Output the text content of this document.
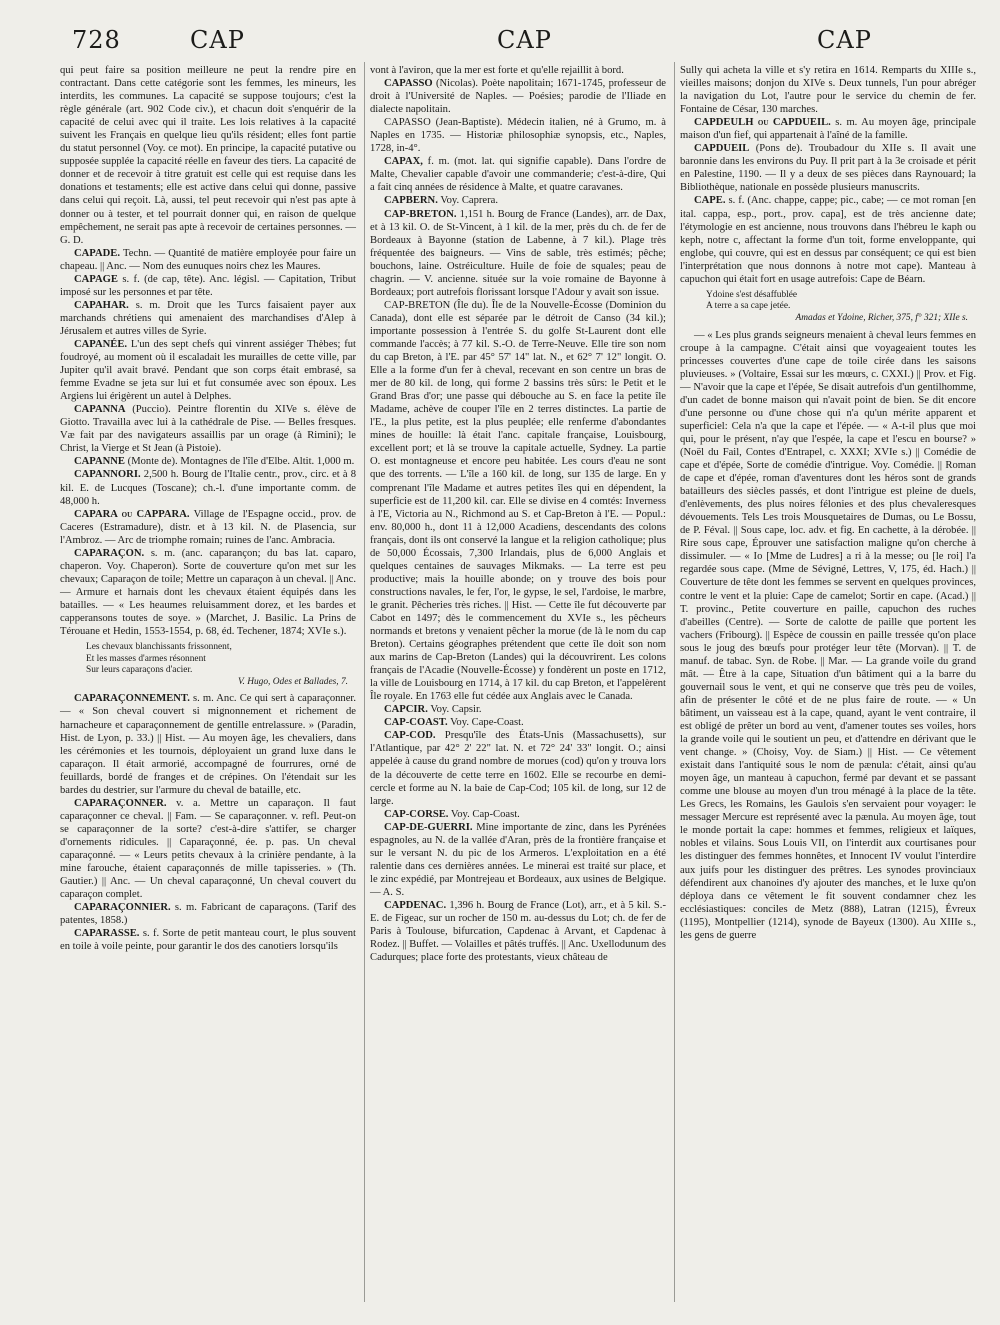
728	CAP	CAP	CAP

qui peut faire sa position meilleure ne peut la rendre pire en contractant. Dans cette catégorie sont les femmes, les mineurs, les interdits, les communes. La capacité se suppose toujours; c'est la règle générale (art. 902 Code civ.), et chacun doit s'enquérir de la capacité de celui avec qui il traite. Les lois relatives à la capacité suivent les Français en quelque lieu qu'ils résident; elles font partie du statut personnel (Voy. ce mot). En principe, la capacité putative ou supposée supplée la capacité réelle en faveur des tiers. La capacité de donner et de recevoir à titre gratuit est celle qui est requise dans les donations et testaments; elle est active dans celui qui donne, passive dans celui qui reçoit. Là, aussi, tel peut recevoir qui n'est pas apte à donner ou à tester, et tel pourrait donner qui, en raison de quelque empêchement, ne serait pas apte à recevoir de certaines personnes. — G. D.

CAPADE. Techn. — Quantité de matière employée pour faire un chapeau. || Anc. — Nom des eunuques noirs chez les Maures.

CAPAGE s. f. (de cap, tête). Anc. législ. — Capitation, Tribut imposé sur les personnes et par tête.

CAPAHAR. s. m. Droit que les Turcs faisaient payer aux marchands chrétiens qui amenaient des marchandises d'Alep à Jérusalem et autres villes de Syrie.

CAPANÉE. L'un des sept chefs qui vinrent assiéger Thèbes; fut foudroyé, au moment où il escaladait les murailles de cette ville, par Jupiter qu'il avait bravé. Pendant que son corps était embrasé, sa femme Evadne se jeta sur lui et fut consumée avec son époux. Les Argiens lui érigèrent un autel à Delphes.

CAPANNA (Puccio). Peintre florentin du XIVe s. élève de Giotto. Travailla avec lui à la cathédrale de Pise. — Belles fresques. Væ fait par des navigateurs assaillis par un orage (à Rimini); le Christ, la Vierge et St Jean (à Pistoie).

CAPANNE (Monte de). Montagnes de l'île d'Elbe. Altit. 1,000 m.

CAPANNORI. 2,500 h. Bourg de l'Italie centr., prov., circ. et à 8 kil. E. de Lucques (Toscane); ch.-l. d'une importante comm. de 48,000 h.

CAPARA ou CAPPARA. Village de l'Espagne occid., prov. de Caceres (Estramadure), distr. et à 13 kil. N. de Plasencia, sur l'Ambroz. — Arc de triomphe romain; ruines de l'anc. Ambracia.

CAPARAÇON. s. m. (anc. caparançon; du bas lat. caparo, chaperon. Voy. Chaperon). Sorte de couverture qu'on met sur les chevaux; Caparaçon de toile; Mettre un caparaçon à un cheval. || Anc. — Armure et harnais dont les chevaux étaient équipés dans les batailles. — « Les heaumes reluisamment dorez, et les bardes et capperansons toutes de soye. » (Marchet, J. Basilic. La Prins de Térouane et Hedin, 1553-1554, p. 68, éd. Techener, 1874; XVIe s.).

Les chevaux blanchissants frissonnent,
Et les masses d'armes résonnent
Sur leurs caparaçons d'acier.
V. Hugo, Odes et Ballades, 7.

CAPARAÇONNEMENT. s. m. Anc. Ce qui sert à caparaçonner. — « Son cheval couvert si mignonnement et richement de harnacheure et caparaçonnement de gentille entrelassure. » (Paradin, Hist. de Lyon, p. 33.) || Hist. — Au moyen âge, les chevaliers, dans les cérémonies et les tournois, déployaient un grand luxe dans le caparaçon. Il était armorié, accompagné de fourrures, orné de feuillards, bordé de franges et de crépines. On l'étendait sur les bardes du destrier, sur l'armure du cheval de bataille, etc.

CAPARAÇONNER. v. a. Mettre un caparaçon. Il faut caparaçonner ce cheval. || Fam. — Se caparaçonner. v. refl. Peut-on se caparaçonner de la sorte? c'est-à-dire s'attifer, se charger d'ornements ridicules. || Caparaçonné, ée. p. pas. Un cheval caparaçonné. — « Leurs petits chevaux à la crinière pendante, à la mine farouche, étaient caparaçonnés de mille tapisseries. » (Th. Gautier.) || Anc. — Un cheval caparaçonné, Un cheval couvert du caparaçon complet.

CAPARAÇONNIER. s. m. Fabricant de caparaçons. (Tarif des patentes, 1858.)

CAPARASSE. s. f. Sorte de petit manteau court, le plus souvent en toile à voile peinte, pour garantir le dos des canotiers lorsqu'ils

vont à l'aviron, que la mer est forte et qu'elle rejaillit à bord.

CAPASSO (Nicolas). Poète napolitain; 1671-1745, professeur de droit à l'Université de Naples. — Poésies; parodie de l'Iliade en dialecte napolitain.

CAPASSO (Jean-Baptiste). Médecin italien, né à Grumo, m. à Naples en 1735. — Historiæ philosophiæ synopsis, etc., Naples, 1728, in-4°.

CAPAX, f. m. (mot. lat. qui signifie capable). Dans l'ordre de Malte, Chevalier capable d'avoir une commanderie; c'est-à-dire, Qui a fait cinq années de résidence à Malte, et quatre caravanes.

CAPBERN. Voy. Caprera.

CAP-BRETON. 1,151 h. Bourg de France (Landes), arr. de Dax, et à 13 kil. O. de St-Vincent, à 1 kil. de la mer, près du ch. de fer de Bordeaux à Bayonne (station de Labenne, à 7 kil.). Plage très fréquentée des baigneurs. — Vins de sable, très estimés; pêche; bouchons, laine. Ostréiculture. Huile de foie de squales; peau de chagrin. — V. ancienne. située sur la voie romaine de Bayonne à Bordeaux; port autrefois florissant lorsque l'Adour y avait son issue.

CAP-BRETON (Île du). Île de la Nouvelle-Écosse (Dominion du Canada), dont elle est séparée par le détroit de Canso (34 kil.); importante possession à l'entrée S. du golfe St-Laurent dont elle commande l'accès; à 77 kil. S.-O. de Terre-Neuve. Elle tire son nom du cap Breton, à l'E. par 45° 57' 14" lat. N., et 62° 7' 12" longit. O. Elle a la forme d'un fer à cheval, recevant en son centre un bras de mer de 80 kil. de long, qui forme 2 bassins très sûrs: le Petit et le Grand Bras d'or; une passe qui débouche au S. en face la petite île Madame, achève de couper l'île en 2 terres distinctes. La partie de l'E., la plus petite, est la plus peuplée; elle renferme d'abondantes mines de houille: là était l'anc. capitale française, Louisbourg, excellent port; et là se trouve la capitale actuelle, Sydney. La partie O. est montagneuse et encore peu habitée. Les cours d'eau ne sont que des torrents. — L'île a 160 kil. de long, sur 135 de large. En y comprenant l'île Madame et autres petites îles qui en dépendent, la superficie est de 11,200 kil. car. Elle se divise en 4 comtés: Inverness à l'E, Victoria au N., Richmond au S. et Cap-Breton à l'E. — Popul.: env. 80,000 h., dont 11 à 12,000 Acadiens, descendants des colons français, dont ils ont conservé la langue et la religion catholique; plus de 50,000 Écossais, 7,300 Irlandais, plus de 6,000 Anglais et quelques centaines de sauvages Mikmaks. — La terre est peu productive; mais la houille abonde; on y trouve des bois pour constructions navales, le fer, l'or, le gypse, le sel, l'ardoise, le marbre, le granit. Pêcheries très riches. || Hist. — Cette île fut découverte par Cabot en 1497; dès le commencement du XVIe s., les pêcheurs normands et bretons y venaient pêcher la morue (de là le nom du cap Breton). Certains géographes prétendent que cette île doit son nom aux marins de Cap-Breton (Landes) qui la découvrirent. Les colons français de l'Acadie (Nouvelle-Écosse) y fondèrent un poste en 1712, la ville de Louisbourg en 1714, à 17 kil. du cap Breton, et l'appelèrent Île royale. En 1763 elle fut cédée aux Anglais avec le Canada.

CAPCIR. Voy. Capsir.

CAP-COAST. Voy. Cape-Coast.

CAP-COD. Presqu'île des États-Unis (Massachusetts), sur l'Atlantique, par 42° 2' 22" lat. N. et 72° 24' 33" longit. O.; ainsi appelée à cause du grand nombre de morues (cod) qu'on y trouva lors de la découverte de cette terre en 1602. Elle se recourbe en demi-cercle et forme au N. la baie de Cap-Cod; 105 kil. de long, sur 12 de large.

CAP-CORSE. Voy. Cap-Coast.

CAP-DE-GUERRI. Mine importante de zinc, dans les Pyrénées espagnoles, au N. de la vallée d'Aran, près de la frontière française et sur le versant N. du pic de los Armeros. L'exploitation en a été ralentie dans ces dernières années. Le minerai est traité sur place, et le zinc expédié, par Montrejeau et Bordeaux, aux usines de Belgique. — A. S.

CAPDENAC. 1,396 h. Bourg de France (Lot), arr., et à 5 kil. S.-E. de Figeac, sur un rocher de 150 m. au-dessus du Lot; ch. de fer de Paris à Toulouse, bifurcation, Capdenac à Arvant, et Capdenac à Rodez. || Buffet. — Volailles et pâtés truffés. || Anc. Uxellodunum des Cadurques; place forte des protestants, vieux château de

Sully qui acheta la ville et s'y retira en 1614. Remparts du XIIIe s., vieilles maisons; donjon du XIVe s. Deux tunnels, l'un pour abréger la navigation du Lot, l'autre pour le service du chemin de fer. Fontaine de César, 130 marches.

CAPDEULH ou CAPDUEIL. s. m. Au moyen âge, principale maison d'un fief, qui appartenait à l'aîné de la famille.

CAPDUEIL (Pons de). Troubadour du XIIe s. Il avait une baronnie dans les environs du Puy. Il prit part à la 3e croisade et périt en Palestine, 1190. — Il y a deux de ses pièces dans Raynouard; la Bibliothèque, nationale en possède plusieurs manuscrits.

CAPE. s. f. (Anc. chappe, cappe; pic., cabe; — ce mot roman [en ital. cappa, esp., port., prov. capa], est de très ancienne date; l'étymologie en est ancienne, nous trouvons dans l'hébreu le kaph ou keph, notre c, affectant la forme d'un toit, forme enveloppante, qui englobe, qui couvre, qui est en dessus par conséquent; ce qui est bien l'interprétation que nous donnons à notre mot cape). Manteau à capuchon qui était fort en usage autrefois: Cape de Béarn.

Ydoine s'est désaffublée
A terre a sa cape jetée.
Amadas et Ydoine, Richer, 375, f° 321; XIIe s.

— « Les plus grands seigneurs menaient à cheval leurs femmes en croupe à la campagne. C'était ainsi que voyageaient toutes les princesses couvertes d'une cape de toile cirée dans les saisons pluvieuses. » (Voltaire, Essai sur les mœurs, c. CXXI.) || Prov. et Fig. — N'avoir que la cape et l'épée, Se disait autrefois d'un gentilhomme, d'un cadet de bonne maison qui n'avait point de bien. Se dit encore d'une personne ou d'une chose qui n'a qu'un mérite apparent et superficiel: Cela n'a que la cape et l'épée. — « A-t-il plus que moi qui, pour le présent, n'ay que l'espée, la cape et l'escu en bourse? » (Noël du Fail, Contes d'Entrapel, c. XXXI; XVIe s.) || Comédie de cape et d'épée, Sorte de comédie d'intrigue. Voy. Comédie. || Roman de cape et d'épée, roman d'aventures dont les héros sont de grands batailleurs des siècles passés, et dont l'intrigue est pleine de duels, d'enlèvements, des plus noires félonies et des plus chevaleresques dévouements. Tels Les trois Mousquetaires de Dumas, ou Le Bossu, de P. Féval. || Sous cape, loc. adv. et fig. En cachette, à la dérobée. || Rire sous cape, Éprouver une satisfaction maligne qu'on cherche à dissimuler. — « Io [Mme de Ludres] a ri à la messe; ou [le roi] l'a regardée sous cape. (Mme de Sévigné, Lettres, V, 175, éd. Hach.) || Couverture de tête dont les femmes se servent en quelques provinces, contre le vent et la pluie: Cape de camelot; Sortir en cape. (Acad.) || T. provinc., Petite couverture en paille, capuchon des ruches d'abeilles (Centre). — Sorte de calotte de paille que portent les vachers (Fribourg). || Espèce de coussin en paille tressée qu'on place sous le joug des bœufs pour protéger leur tête (Morvan). || T. de manuf. de tabac. Syn. de Robe. || Mar. — La grande voile du grand mât. — Être à la cape, Situation d'un bâtiment qui a la barre du gouvernail sous le vent, et qui ne conserve que très peu de voiles, afin de présenter le côté et de ne plus faire de route. — « Un bâtiment, un vaisseau est à la cape, quand, ayant le vent contraire, il est obligé de prêter un bord au vent, d'amener toutes ses voiles, hors la grande voile qui le soutient un peu, et d'attendre en dérivant que le vent change. » (Choisy, Voy. de Siam.) || Hist. — Ce vêtement existait dans l'antiquité sous le nom de pænula: c'était, ainsi qu'au moyen âge, un manteau à capuchon, fermé par devant et se passant comme une blouse au moyen d'un trou ménagé à la place de la tête. Les Grecs, les Romains, les Gaulois s'en servaient pour voyager: le messager Mercure est représenté avec la pænula. Au moyen âge, tout le monde portait la cape: hommes et femmes, religieux et laïques, nobles et vilains. Sous Louis VII, on l'interdit aux courtisanes pour les distinguer des femmes honnêtes, et Innocent IV voulut l'interdire aux juifs pour les distinguer des prêtres. Les synodes provinciaux défendirent aux chanoines d'y ajouter des manches, et le luxe qu'on déploya dans ce vêtement le fit souvent condamner chez les ecclésiastiques: conciles de Metz (888), Latran (1215), Évreux (1195), Montpellier (1214), synode de Bayeux (1300). Au XIIIe s., les gens de guerre
